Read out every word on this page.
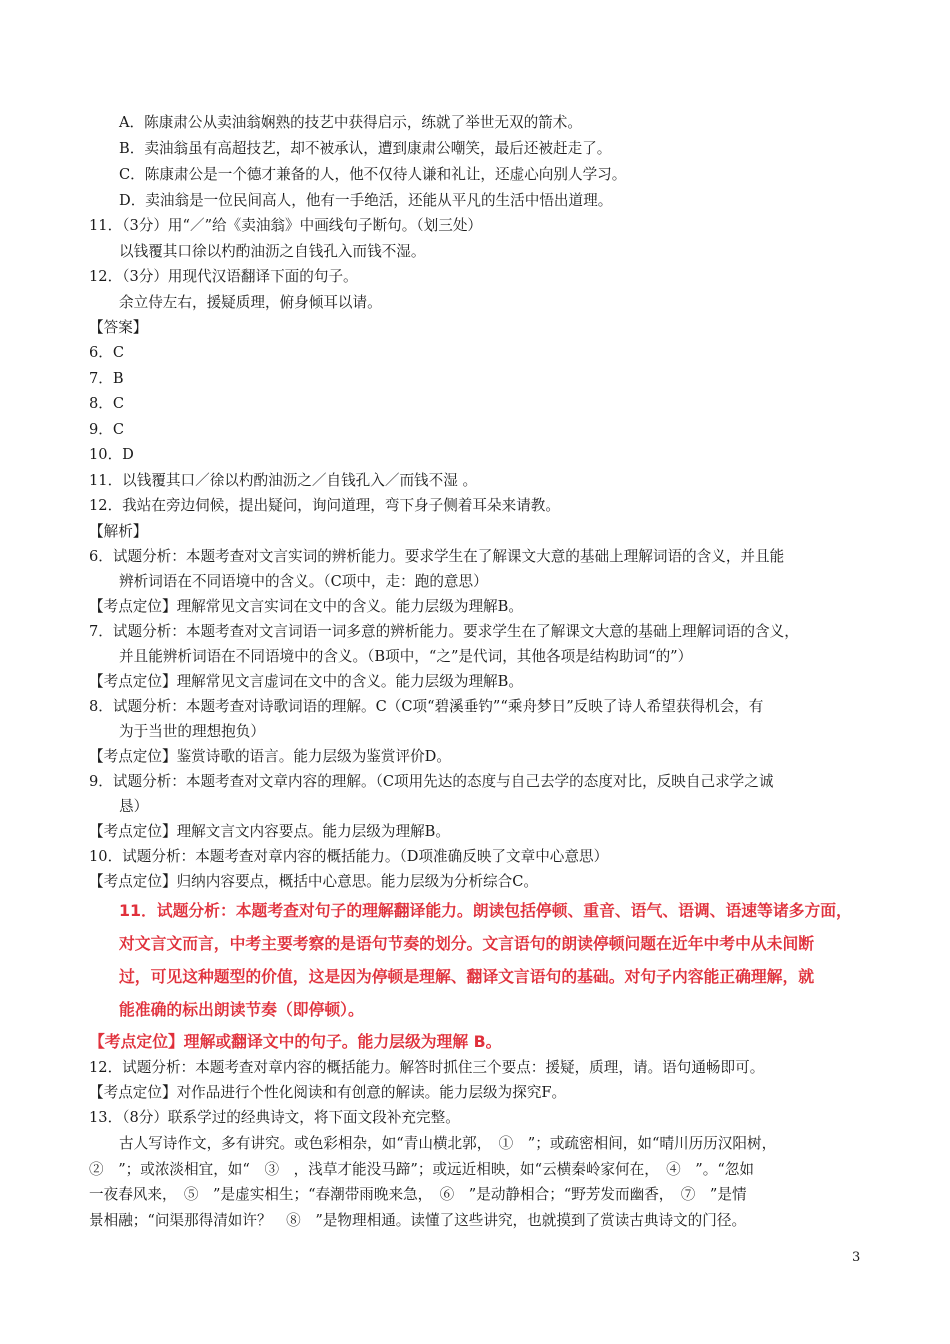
A．陈康肃公从卖油翁娴熟的技艺中获得启示，练就了举世无双的箭术。
B．卖油翁虽有高超技艺，却不被承认，遭到康肃公嘲笑，最后还被赶走了。
C．陈康肃公是一个德才兼备的人，他不仅待人谦和礼让，还虚心向别人学习。
D．卖油翁是一位民间高人，他有一手绝活，还能从平凡的生活中悟出道理。
11．（3分）用“／”给《卖油翁》中画线句子断句。（划三处）
以钱覆其口徐以杓酌油沥之自钱孔入而钱不湿。
12．（3分）用现代汉语翻译下面的句子。
余立侍左右，援疑质理，俯身倾耳以请。
【答案】
6．C
7．B
8．C
9．C
10．D
11．以钱覆其口／徐以杓酌油沥之／自钱孔入／而钱不湿 。
12．我站在旁边伺候，提出疑问，询问道理，弯下身子侧着耳朵来请教。
【解析】
6．试题分析：本题考查对文言实词的辨析能力。要求学生在了解课文大意的基础上理解词语的含义，并且能
辨析词语在不同语境中的含义。（C项中，走：跑的意思）
【考点定位】理解常见文言实词在文中的含义。能力层级为理解B。
7．试题分析：本题考查对文言词语一词多意的辨析能力。要求学生在了解课文大意的基础上理解词语的含义，
并且能辨析词语在不同语境中的含义。（B项中，“之”是代词，其他各项是结构助词“的”）
【考点定位】理解常见文言虚词在文中的含义。能力层级为理解B。
8．试题分析：本题考查对诗歌词语的理解。C（C项“碧溪垂钓”“乘舟梦日”反映了诗人希望获得机会，有
为于当世的理想抱负）
【考点定位】鉴赏诗歌的语言。能力层级为鉴赏评价D。
9．试题分析：本题考查对文章内容的理解。（C项用先达的态度与自己去学的态度对比，反映自己求学之诚
恳）
【考点定位】理解文言文内容要点。能力层级为理解B。
10．试题分析：本题考查对章内容的概括能力。（D项准确反映了文章中心意思）
【考点定位】归纳内容要点，概括中心意思。能力层级为分析综合C。
11．试题分析：本题考查对句子的理解翻译能力。朗读包括停顿、重音、语气、语调、语速等诸多方面，
对文言文而言，中考主要考察的是语句节奏的划分。文言语句的朗读停顿问题在近年中考中从未间断
过，可见这种题型的价值，这是因为停顿是理解、翻译文言语句的基础。对句子内容能正确理解，就
能准确的标出朗读节奏（即停顿）。
【考点定位】理解或翻译文中的句子。能力层级为理解 B。
12．试题分析：本题考查对章内容的概括能力。解答时抓住三个要点：援疑，质理，请。语句通畅即可。
【考点定位】对作品进行个性化阅读和有创意的解读。能力层级为探究F。
13．（8分）联系学过的经典诗文，将下面文段补充完整。
古人写诗作文，多有讲究。或色彩相杂，如“青山横北郭，　①　”；或疏密相间，如“晴川历历汉阳树，
②　”；或浓淡相宜，如“　③　，浅草才能没马蹄”；或远近相映，如“云横秦岭家何在，　④　”。“忽如
一夜春风来，　⑤　”是虚实相生；“春潮带雨晚来急，　⑥　”是动静相合；“野芳发而幽香，　⑦　”是情
景相融；“问渠那得清如许？　⑧　”是物理相通。读懂了这些讲究，也就摸到了赏读古典诗文的门径。
3
